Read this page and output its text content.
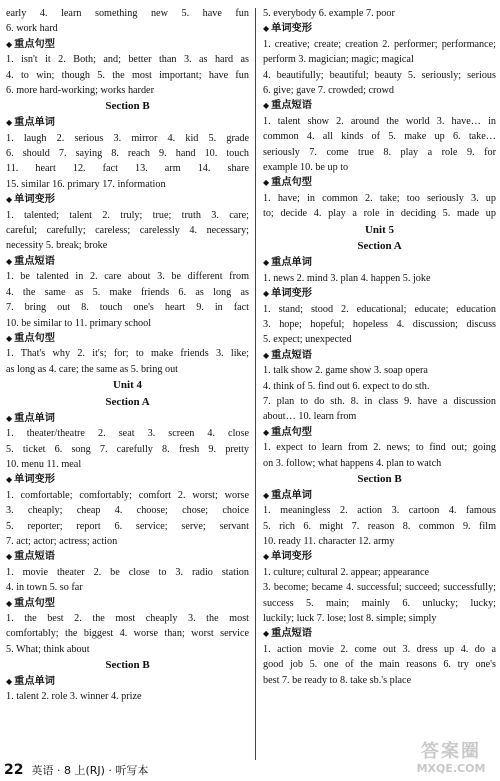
early 4. learn something new 5. have fun
6. work hard
◆ 重点句型
1. isn't it 2. Both; and; better than 3. as hard as
4. to win; though 5. the most important; have fun
6. more hard-working; works harder
Section B
◆ 重点单词
1. laugh 2. serious 3. mirror 4. kid 5. grade
6. should 7. saying 8. reach 9. hand 10. touch
11. heart 12. fact 13. arm 14. share
15. similar 16. primary 17. information
◆ 单词变形
1. talented; talent 2. truly; true; truth 3. care;
careful; carefully; careless; carelessly 4. necessary;
necessity 5. break; broke
◆ 重点短语
1. be talented in 2. care about 3. be different from
4. the same as 5. make friends 6. as long as
7. bring out 8. touch one's heart 9. in fact
10. be similar to 11. primary school
◆ 重点句型
1. That's why 2. it's; for; to make friends 3. like;
as long as 4. care; the same as 5. bring out
Unit 4
Section A
◆ 重点单词
1. theater/theatre 2. seat 3. screen 4. close
5. ticket 6. song 7. carefully 8. fresh 9. pretty
10. menu 11. meal
◆ 单词变形
1. comfortable; comfortably; comfort 2. worst; worse
3. cheaply; cheap 4. choose; chose; choice
5. reporter; report 6. service; serve; servant
7. act; actor; actress; action
◆ 重点短语
1. movie theater 2. be close to 3. radio station
4. in town 5. so far
◆ 重点句型
1. the best 2. the most cheaply 3. the most
comfortably; the biggest 4. worse than; worst service
5. What; think about
Section B
◆ 重点单词
1. talent 2. role 3. winner 4. prize
5. everybody 6. example 7. poor
◆ 单词变形
1. creative; create; creation 2. performer; performance;
perform 3. magician; magic; magical
4. beautifully; beautiful; beauty 5. seriously; serious
6. give; gave 7. crowded; crowd
◆ 重点短语
1. talent show 2. around the world 3. have… in
common 4. all kinds of 5. make up 6. take…
seriously 7. come true 8. play a role 9. for
example 10. be up to
◆ 重点句型
1. have; in common 2. take; too seriously 3. up
to; decide 4. play a role in deciding 5. made up
Unit 5
Section A
◆ 重点单词
1. news 2. mind 3. plan 4. happen 5. joke
◆ 单词变形
1. stand; stood 2. educational; educate; education
3. hope; hopeful; hopeless 4. discussion; discuss
5. expect; unexpected
◆ 重点短语
1. talk show 2. game show 3. soap opera
4. think of 5. find out 6. expect to do sth.
7. plan to do sth. 8. in class 9. have a discussion
about… 10. learn from
◆ 重点句型
1. expect to learn from 2. news; to find out; going
on 3. follow; what happens 4. plan to watch
Section B
◆ 重点单词
1. meaningless 2. action 3. cartoon 4. famous
5. rich 6. might 7. reason 8. common 9. film
10. ready 11. character 12. army
◆ 单词变形
1. culture; cultural 2. appear; appearance
3. become; became 4. successful; succeed; successfully;
success 5. main; mainly 6. unlucky; lucky;
luckily; luck 7. lose; lost 8. simple; simply
◆ 重点短语
1. action movie 2. come out 3. dress up 4. do a
good job 5. one of the main reasons 6. try one's
best 7. be ready to 8. take sb.'s place
22 英语 · 8 上(RJ) · 听写本
答案圈
MXQE.COM
